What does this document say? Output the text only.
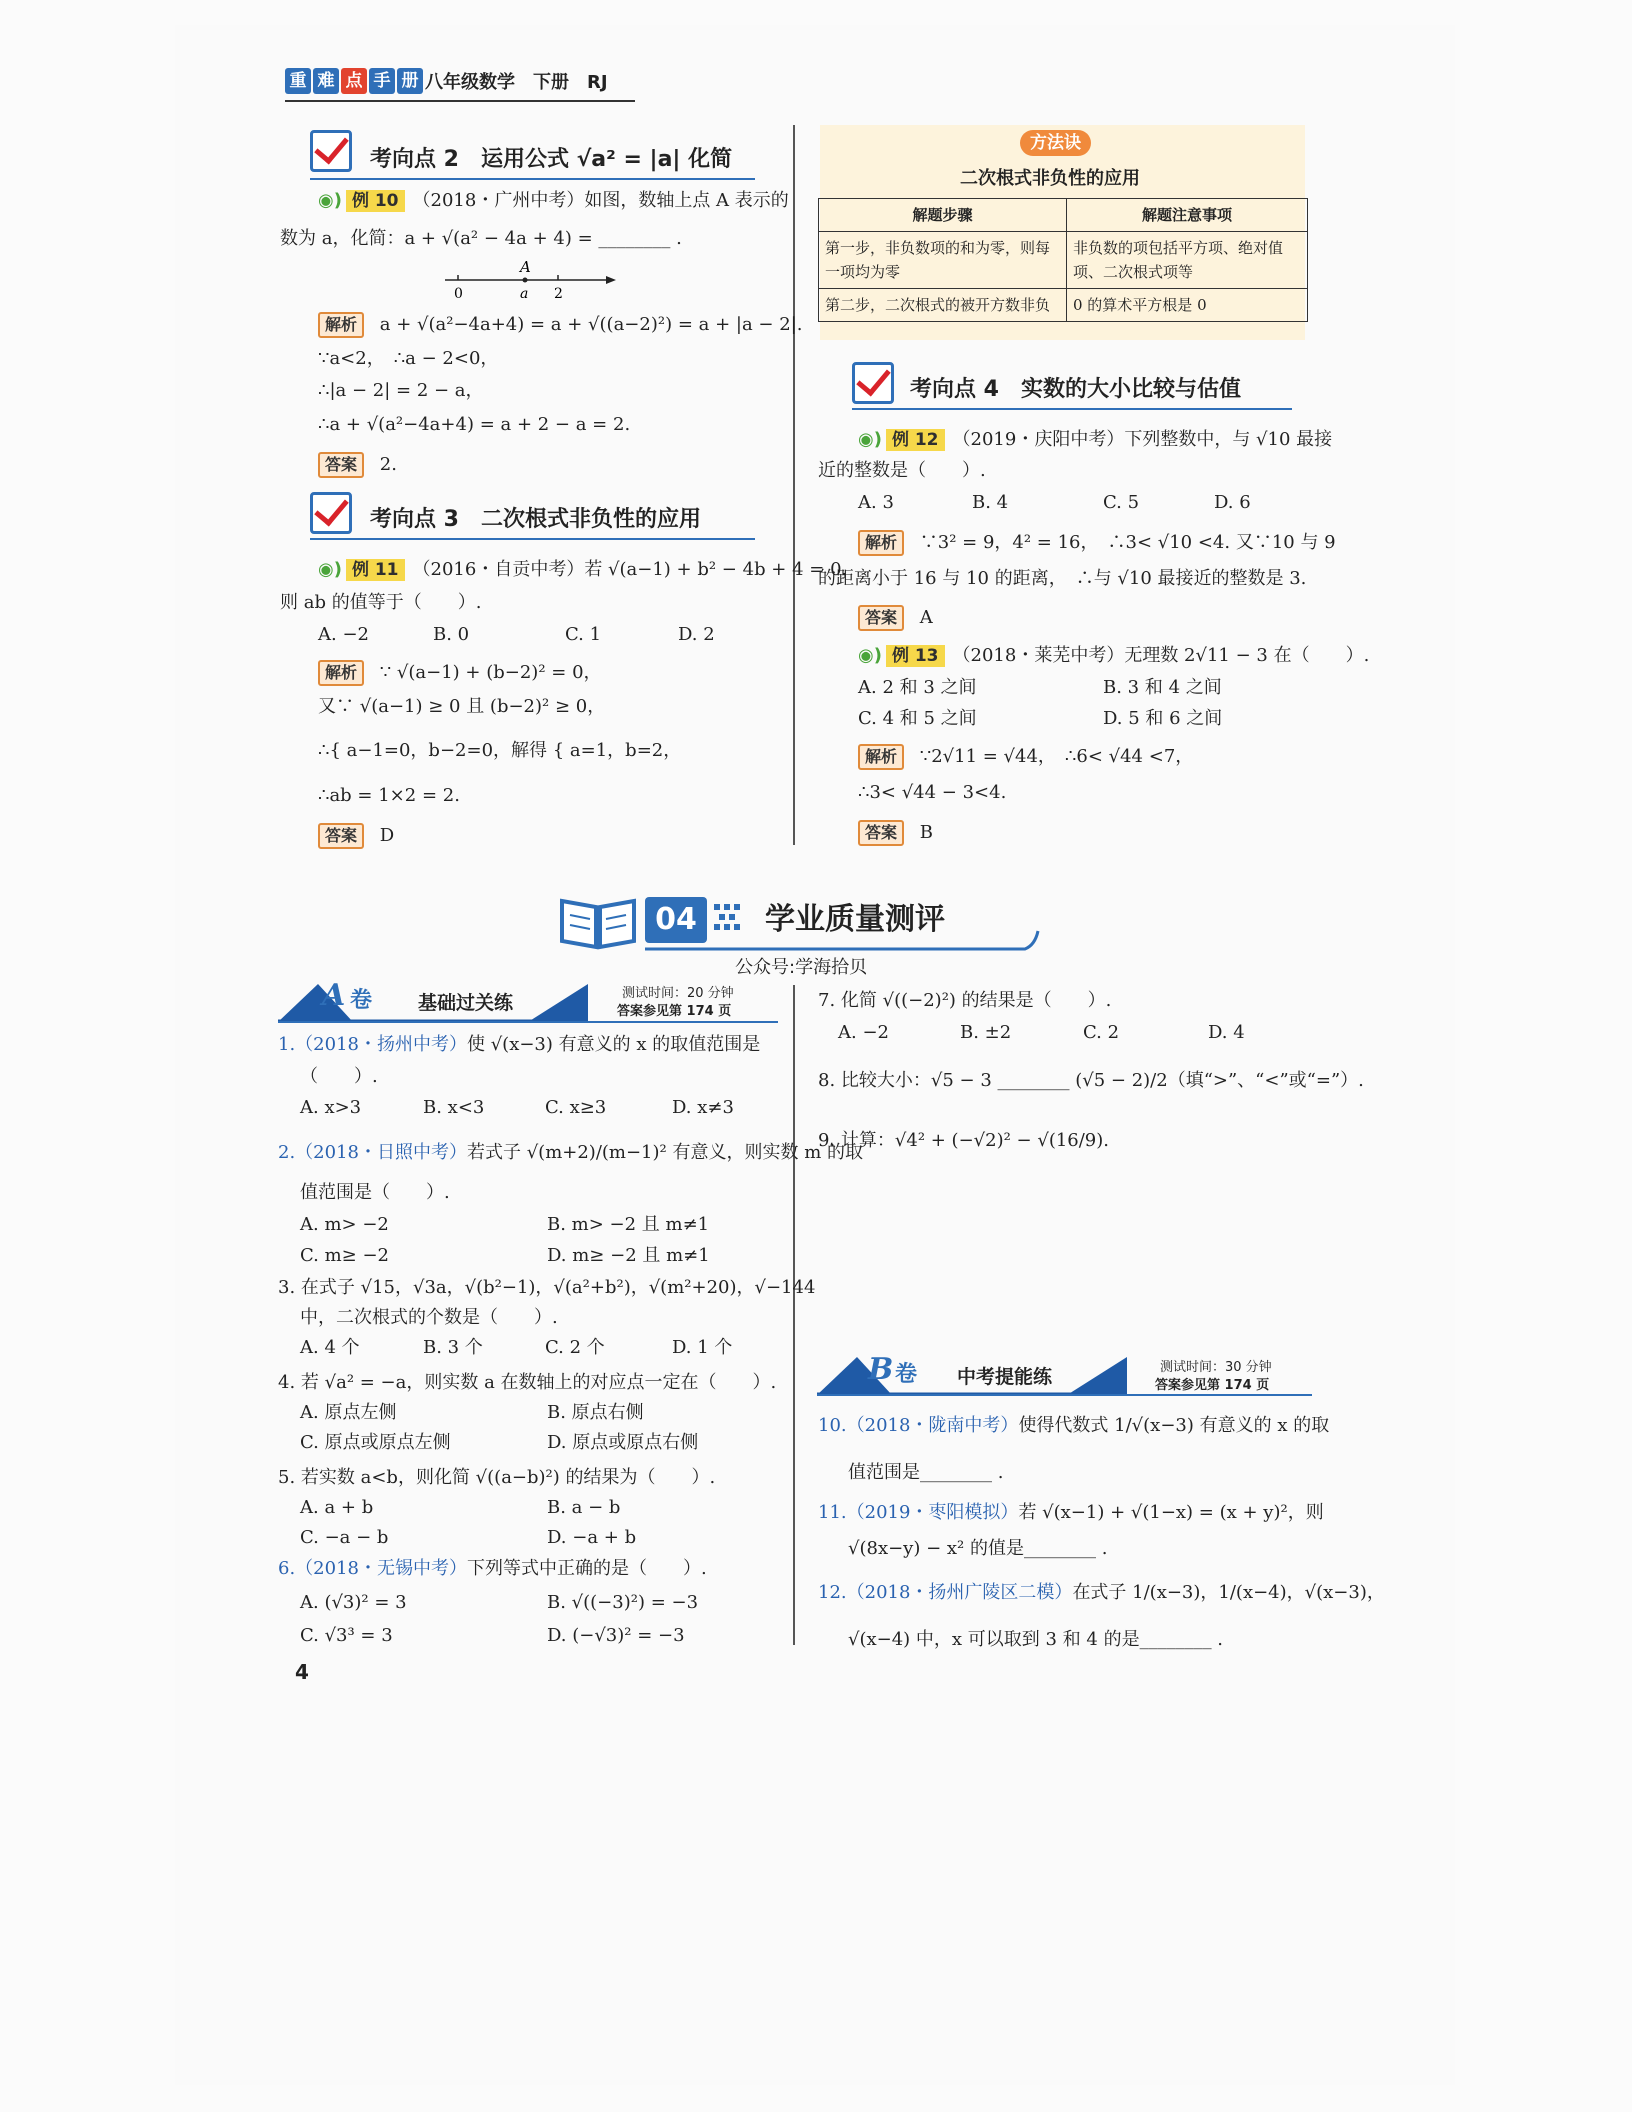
重 难 点 手 册 八年级数学　下册　RJ
考向点 2　运用公式 √a² = |a| 化简
◉) 例 10 （2018・广州中考）如图，数轴上点 A 表示的
数为 a，化简：a + √(a² − 4a + 4) = ________ .
A
0	a 2
解析 a + √(a²−4a+4) = a + √((a−2)²) = a + |a − 2|.
∵a<2，　∴a − 2<0，
∴|a − 2| = 2 − a，
∴a + √(a²−4a+4) = a + 2 − a = 2.
答案 2.
考向点 3　二次根式非负性的应用
◉) 例 11 （2016・自贡中考）若 √(a−1) + b² − 4b + 4 = 0，
则 ab 的值等于（　　）.
A. −2	B. 0	C. 1	D. 2
解析 ∵ √(a−1) + (b−2)² = 0，
又∵ √(a−1) ≥ 0 且 (b−2)² ≥ 0，
∴{ a−1=0，b−2=0，解得 { a=1，b=2，
∴ab = 1×2 = 2.
答案 D
方法诀
二次根式非负性的应用
解题步骤	解题注意事项
第一步，非负数项的和为零，则每一项均为零	非负数的项包括平方项、绝对值项、二次根式项等
第二步，二次根式的被开方数非负	0 的算术平方根是 0
考向点 4　实数的大小比较与估值
◉) 例 12 （2019・庆阳中考）下列整数中，与 √10 最接
近的整数是（　　）.
A. 3	B. 4	C. 5	D. 6
解析 ∵3² = 9，4² = 16，　∴3< √10 <4. 又∵10 与 9
的距离小于 16 与 10 的距离，　∴与 √10 最接近的整数是 3.
答案 A
◉) 例 13 （2018・莱芜中考）无理数 2√11 − 3 在（　　）.
A. 2 和 3 之间	B. 3 和 4 之间
C. 4 和 5 之间	D. 5 和 6 之间
解析 ∵2√11 = √44，　∴6< √44 <7，
∴3< √44 − 3<4.
答案 B
04	学业质量测评
公众号:学海拾贝
A 卷 基础过关练	测试时间：20 分钟
答案参见第 174 页
1.（2018・扬州中考）使 √(x−3) 有意义的 x 的取值范围是
（　　）.
A. x>3	B. x<3	C. x≥3	D. x≠3
2.（2018・日照中考）若式子 √(m+2)/(m−1)² 有意义，则实数 m 的取
值范围是（　　）.
A. m> −2	B. m> −2 且 m≠1
C. m≥ −2	D. m≥ −2 且 m≠1
3. 在式子 √15，√3a，√(b²−1)，√(a²+b²)，√(m²+20)，√−144
中，二次根式的个数是（　　）.
A. 4 个	B. 3 个	C. 2 个	D. 1 个
4. 若 √a² = −a，则实数 a 在数轴上的对应点一定在（　　）.
A. 原点左侧	B. 原点右侧
C. 原点或原点左侧	D. 原点或原点右侧
5. 若实数 a<b，则化简 √((a−b)²) 的结果为（　　）.
A. a + b	B. a − b
C. −a − b	D. −a + b
6.（2018・无锡中考）下列等式中正确的是（　　）.
A. (√3)² = 3	B. √((−3)²) = −3
C. √3³ = 3	D. (−√3)² = −3
4
7. 化简 √((−2)²) 的结果是（　　）.
A. −2	B. ±2	C. 2	D. 4
8. 比较大小：√5 − 3 ________ (√5 − 2)/2（填“>”、“<”或“=”）.
9. 计算：√4² + (−√2)² − √(16/9).
B 卷 中考提能练	测试时间：30 分钟
答案参见第 174 页
10.（2018・陇南中考）使得代数式 1/√(x−3) 有意义的 x 的取
值范围是________ .
11.（2019・枣阳模拟）若 √(x−1) + √(1−x) = (x + y)²，则
√(8x−y) − x² 的值是________ .
12.（2018・扬州广陵区二模）在式子 1/(x−3)，1/(x−4)，√(x−3)，
√(x−4) 中，x 可以取到 3 和 4 的是________ .
